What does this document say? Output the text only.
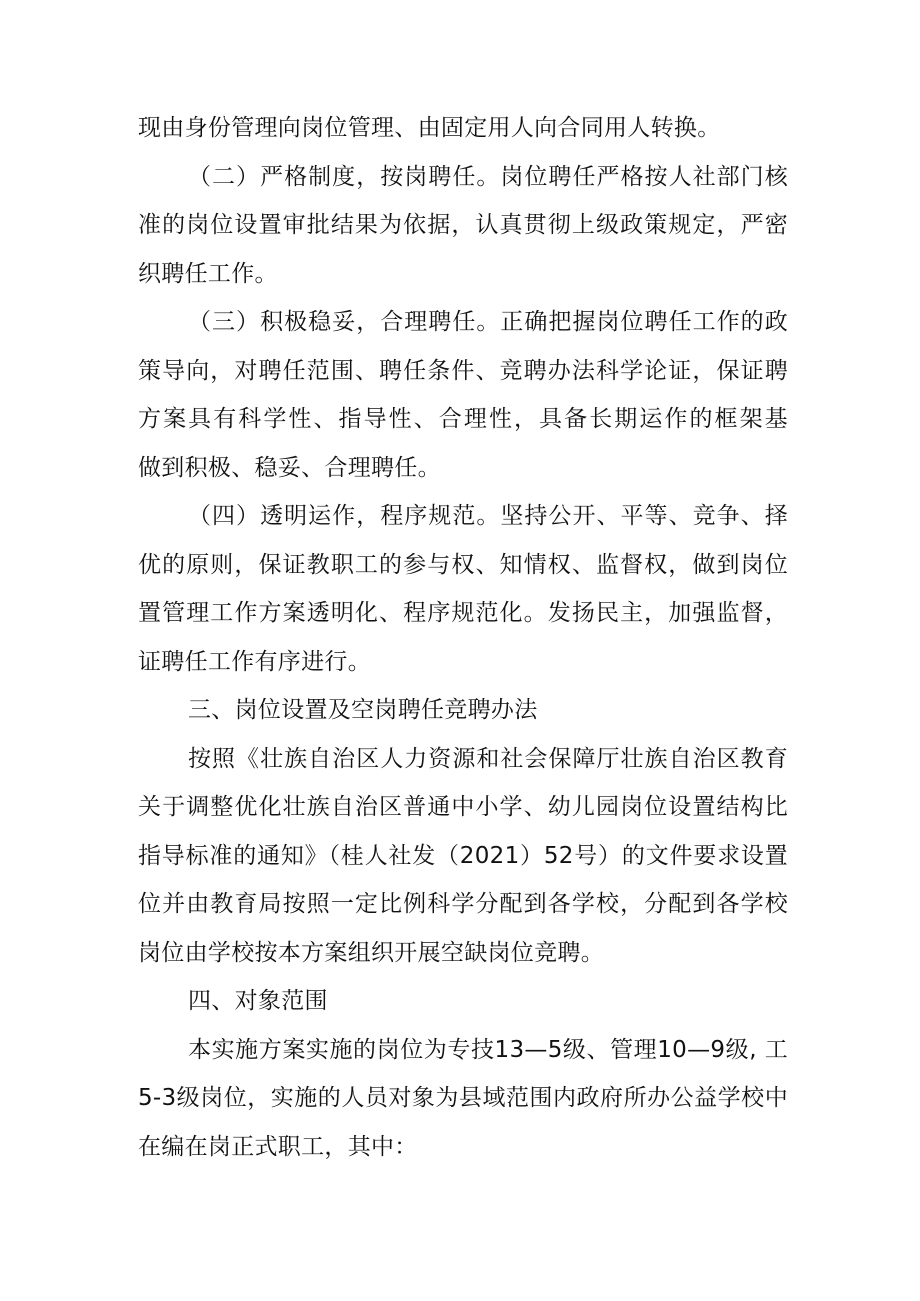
现由身份管理向岗位管理、由固定用人向合同用人转换。
（二）严格制度，按岗聘任。岗位聘任严格按人社部门核
准的岗位设置审批结果为依据，认真贯彻上级政策规定，严密
织聘任工作。
（三）积极稳妥，合理聘任。正确把握岗位聘任工作的政
策导向，对聘任范围、聘任条件、竞聘办法科学论证，保证聘
方案具有科学性、指导性、合理性，具备长期运作的框架基
做到积极、稳妥、合理聘任。
（四）透明运作，程序规范。坚持公开、平等、竞争、择
优的原则，保证教职工的参与权、知情权、监督权，做到岗位
置管理工作方案透明化、程序规范化。发扬民主，加强监督，
证聘任工作有序进行。
三、岗位设置及空岗聘任竞聘办法
按照《壮族自治区人力资源和社会保障厅壮族自治区教育
关于调整优化壮族自治区普通中小学、幼儿园岗位设置结构比
指导标准的通知》（桂人社发（2021）52号）的文件要求设置
位并由教育局按照一定比例科学分配到各学校，分配到各学校
岗位由学校按本方案组织开展空缺岗位竞聘。
四、对象范围
本实施方案实施的岗位为专技13—5级、管理10—9级, 工
5-3级岗位，实施的人员对象为县域范围内政府所办公益学校中
在编在岗正式职工，其中：
